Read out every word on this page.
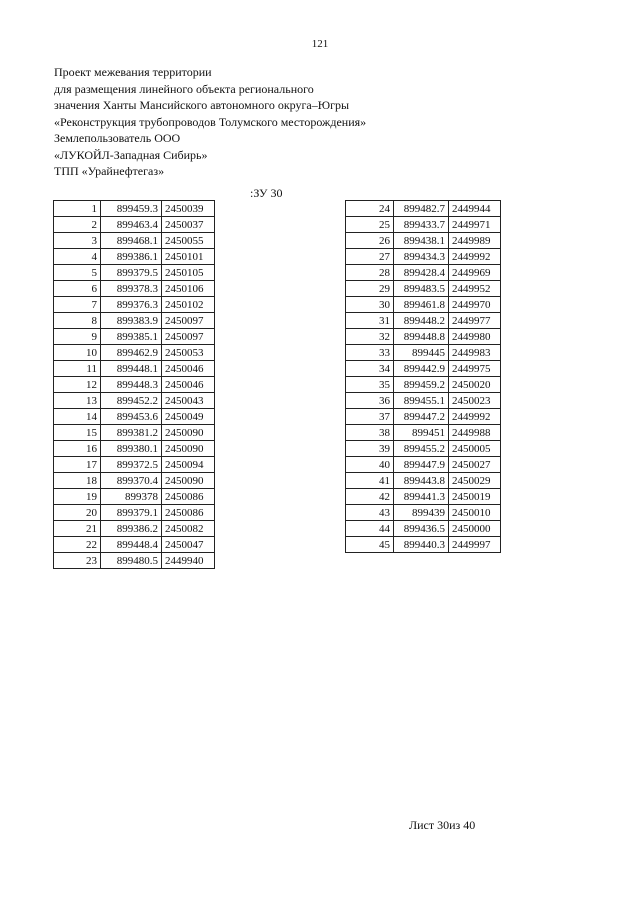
121
Проект межевания территории
для размещения линейного объекта регионального
значения Ханты Мансийского автономного округа–Югры
«Реконструкция трубопроводов Толумского месторождения»
Землепользователь ООО
«ЛУКОЙЛ-Западная Сибирь»
ТПП «Урайнефтегаз»
:ЗУ 30
1	899459.3	2450039
2	899463.4	2450037
3	899468.1	2450055
4	899386.1	2450101
5	899379.5	2450105
6	899378.3	2450106
7	899376.3	2450102
8	899383.9	2450097
9	899385.1	2450097
10	899462.9	2450053
11	899448.1	2450046
12	899448.3	2450046
13	899452.2	2450043
14	899453.6	2450049
15	899381.2	2450090
16	899380.1	2450090
17	899372.5	2450094
18	899370.4	2450090
19	899378	2450086
20	899379.1	2450086
21	899386.2	2450082
22	899448.4	2450047
23	899480.5	2449940
24	899482.7	2449944
25	899433.7	2449971
26	899438.1	2449989
27	899434.3	2449992
28	899428.4	2449969
29	899483.5	2449952
30	899461.8	2449970
31	899448.2	2449977
32	899448.8	2449980
33	899445	2449983
34	899442.9	2449975
35	899459.2	2450020
36	899455.1	2450023
37	899447.2	2449992
38	899451	2449988
39	899455.2	2450005
40	899447.9	2450027
41	899443.8	2450029
42	899441.3	2450019
43	899439	2450010
44	899436.5	2450000
45	899440.3	2449997
Лист 30из 40
